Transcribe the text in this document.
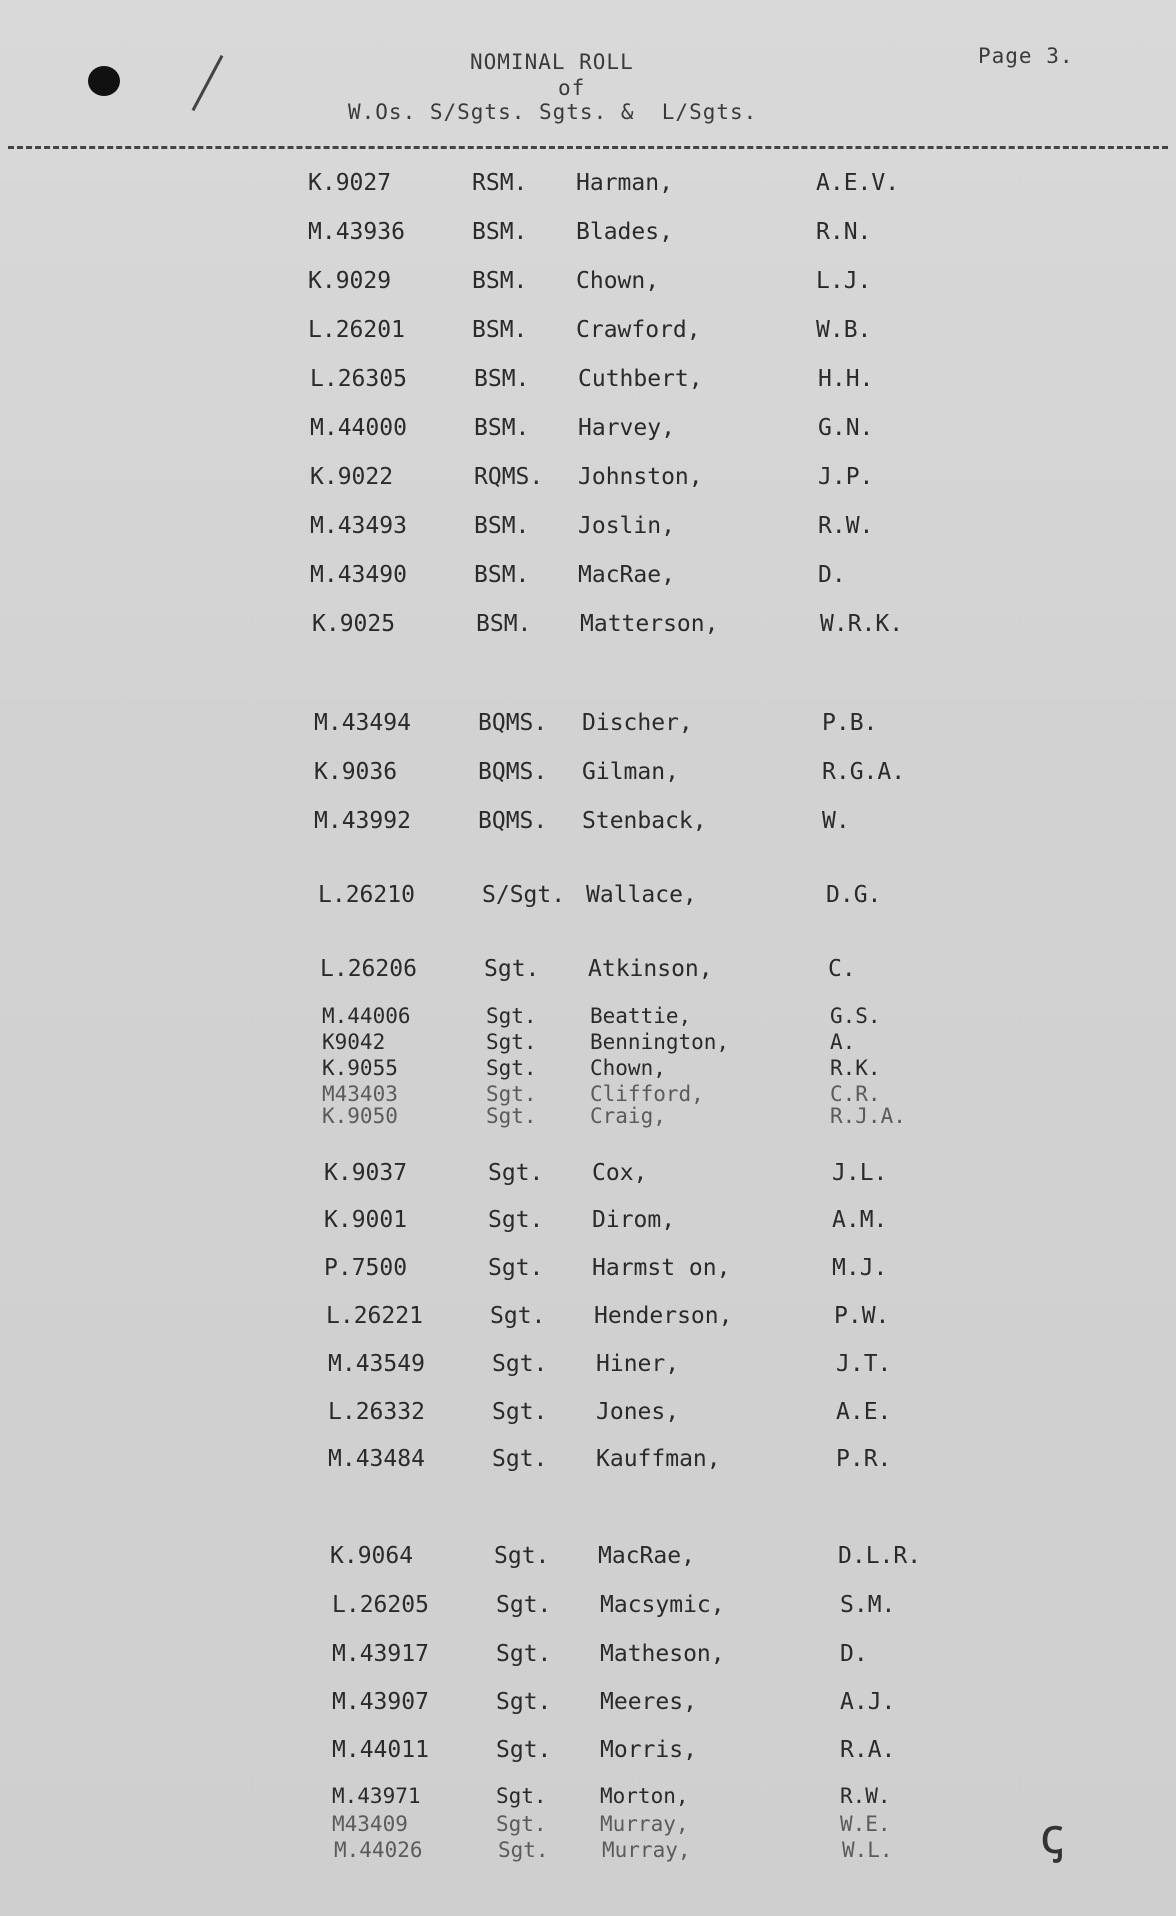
NOMINAL ROLL
of
W.Os. S/Sgts. Sgts. &  L/Sgts.
Page 3.
K.9027	RSM. Harman,	A.E.V.
M.43936	BSM. Blades,	R.N.
K.9029	BSM. Chown,	L.J.
L.26201	BSM. Crawford,	W.B.
L.26305	BSM. Cuthbert,	H.H.
M.44000	BSM. Harvey,	G.N.
K.9022	RQMS. Johnston,	J.P.
M.43493	BSM. Joslin,	R.W.
M.43490	BSM. MacRae,	D.
K.9025	BSM. Matterson,	W.R.K.
M.43494	BQMS. Discher,	P.B.
K.9036	BQMS. Gilman,	R.G.A.
M.43992	BQMS. Stenback,	W.
L.26210	S/Sgt. Wallace,	D.G.
L.26206	Sgt. Atkinson,	C.
M.44006	Sgt.	Beattie,	G.S.
K9042	Sgt.	Bennington,	A.
K.9055	Sgt.	Chown,	R.K.
M43403	Sgt.	Clifford,	C.R.
K.9050	Sgt.	Craig,	R.J.A.
K.9037	Sgt. Cox,	J.L.
K.9001	Sgt. Dirom,	A.M.
P.7500	Sgt. Harmst on,	M.J.
L.26221	Sgt. Henderson,	P.W.
M.43549	Sgt. Hiner,	J.T.
L.26332	Sgt. Jones,	A.E.
M.43484	Sgt. Kauffman,	P.R.
K.9064	Sgt. MacRae,	D.L.R.
L.26205	Sgt. Macsymic,	S.M.
M.43917	Sgt. Matheson,	D.
M.43907	Sgt. Meeres,	A.J.
M.44011	Sgt. Morris,	R.A.
M.43971	Sgt.	Morton,	R.W.
M43409	Sgt.	Murray,	W.E.
M.44026	Sgt.	Murray,	W.L.	ꞔ
